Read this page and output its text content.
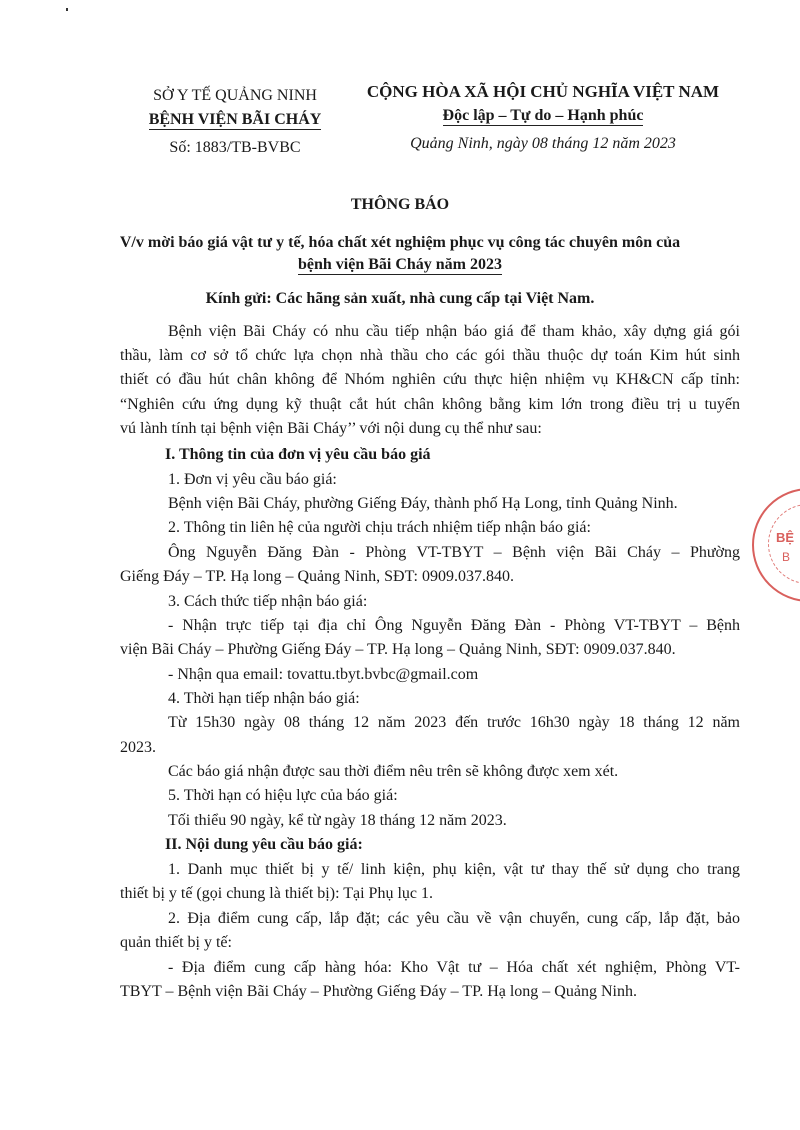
SỞ Y TẾ QUẢNG NINH
BỆNH VIỆN BÃI CHÁY
Số: 1883/TB-BVBC
CỘNG HÒA XÃ HỘI CHỦ NGHĨA VIỆT NAM
Độc lập – Tự do – Hạnh phúc
Quảng Ninh, ngày 08 tháng 12 năm 2023
THÔNG BÁO
V/v mời báo giá vật tư y tế, hóa chất xét nghiệm phục vụ công tác chuyên môn của
bệnh viện Bãi Cháy năm 2023
Kính gửi: Các hãng sản xuất, nhà cung cấp tại Việt Nam.
Bệnh viện Bãi Cháy có nhu cầu tiếp nhận báo giá để tham khảo, xây dựng giá gói
thầu, làm cơ sở tổ chức lựa chọn nhà thầu cho các gói thầu thuộc dự toán Kim hút sinh
thiết có đầu hút chân không để Nhóm nghiên cứu thực hiện nhiệm vụ KH&CN cấp tỉnh:
“Nghiên cứu ứng dụng kỹ thuật cắt hút chân không bằng kim lớn trong điều trị u tuyến
vú lành tính tại bệnh viện Bãi Cháy’’ với nội dung cụ thể như sau:
I. Thông tin của đơn vị yêu cầu báo giá
1. Đơn vị yêu cầu báo giá:
Bệnh viện Bãi Cháy, phường Giếng Đáy, thành phố Hạ Long, tỉnh Quảng Ninh.
2. Thông tin liên hệ của người chịu trách nhiệm tiếp nhận báo giá:
Ông Nguyễn Đăng Đàn - Phòng VT-TBYT – Bệnh viện Bãi Cháy – Phường
Giếng Đáy – TP. Hạ long – Quảng Ninh, SĐT: 0909.037.840.
3. Cách thức tiếp nhận báo giá:
- Nhận trực tiếp tại địa chỉ Ông Nguyễn Đăng Đàn - Phòng VT-TBYT – Bệnh
viện Bãi Cháy – Phường Giếng Đáy – TP. Hạ long – Quảng Ninh, SĐT: 0909.037.840.
- Nhận qua email: tovattu.tbyt.bvbc@gmail.com
4. Thời hạn tiếp nhận báo giá:
Từ 15h30 ngày 08 tháng 12 năm 2023 đến trước 16h30 ngày 18 tháng 12 năm
2023.
Các báo giá nhận được sau thời điểm nêu trên sẽ không được xem xét.
5. Thời hạn có hiệu lực của báo giá:
Tối thiểu 90 ngày, kể từ ngày 18 tháng 12 năm 2023.
II. Nội dung yêu cầu báo giá:
1. Danh mục thiết bị y tế/ linh kiện, phụ kiện, vật tư thay thế sử dụng cho trang
thiết bị y tế (gọi chung là thiết bị): Tại Phụ lục 1.
2. Địa điểm cung cấp, lắp đặt; các yêu cầu về vận chuyển, cung cấp, lắp đặt, bảo
quản thiết bị y tế:
- Địa điểm cung cấp hàng hóa: Kho Vật tư – Hóa chất xét nghiệm, Phòng VT-
TBYT – Bệnh viện Bãi Cháy – Phường Giếng Đáy – TP. Hạ long – Quảng Ninh.
BỆ
B
